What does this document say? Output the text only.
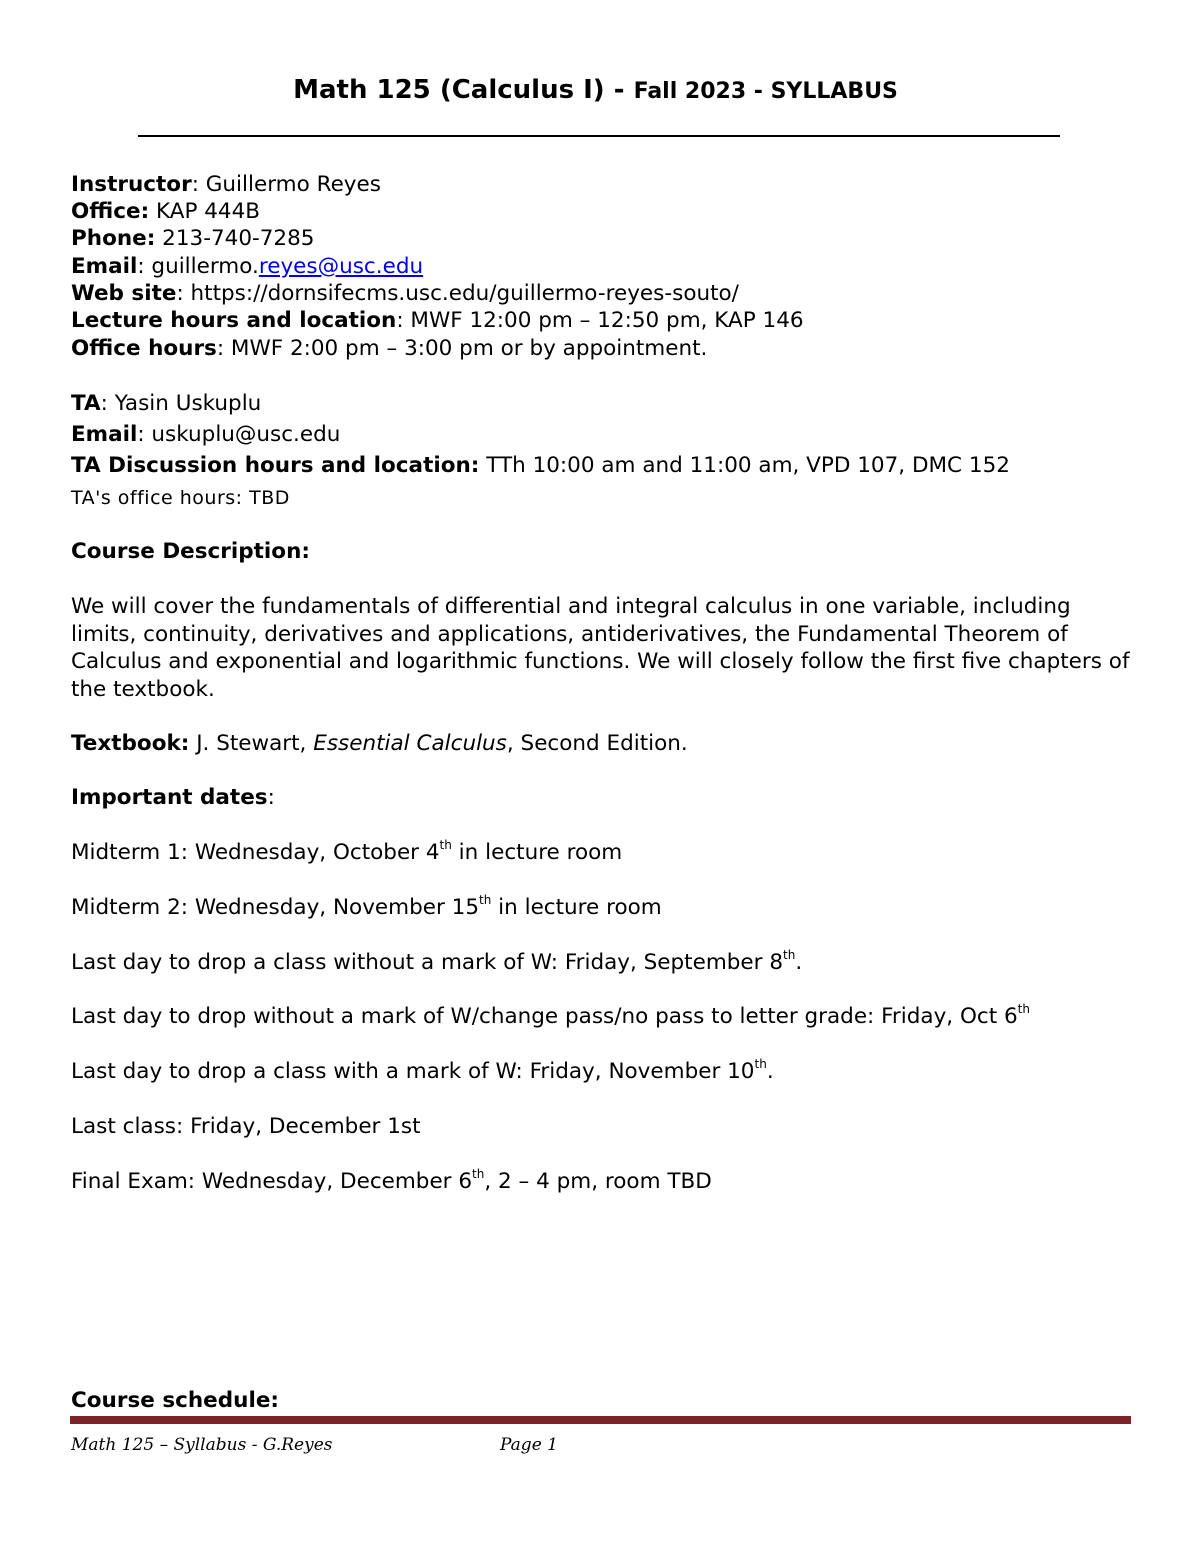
Math 125 (Calculus I) - Fall 2023 - SYLLABUS
Instructor: Guillermo Reyes
Office: KAP 444B
Phone: 213-740-7285
Email: guillermo.reyes@usc.edu
Web site: https://dornsifecms.usc.edu/guillermo-reyes-souto/
Lecture hours and location: MWF 12:00 pm – 12:50 pm, KAP 146
Office hours: MWF 2:00 pm – 3:00 pm or by appointment.
TA: Yasin Uskuplu
Email: uskuplu@usc.edu
TA Discussion hours and location: TTh 10:00 am and 11:00 am, VPD 107, DMC 152
TA's office hours: TBD
Course Description:
We will cover the fundamentals of differential and integral calculus in one variable, including limits, continuity, derivatives and applications, antiderivatives, the Fundamental Theorem of Calculus and exponential and logarithmic functions. We will closely follow the first five chapters of the textbook.
Textbook: J. Stewart, Essential Calculus, Second Edition.
Important dates:
Midterm 1: Wednesday, October 4th in lecture room
Midterm 2: Wednesday, November 15th in lecture room
Last day to drop a class without a mark of W: Friday, September 8th.
Last day to drop without a mark of W/change pass/no pass to letter grade: Friday, Oct 6th
Last day to drop a class with a mark of W: Friday, November 10th.
Last class: Friday, December 1st
Final Exam: Wednesday, December 6th, 2 – 4 pm, room TBD
Course schedule:
Math 125 – Syllabus - G.Reyes	Page 1
